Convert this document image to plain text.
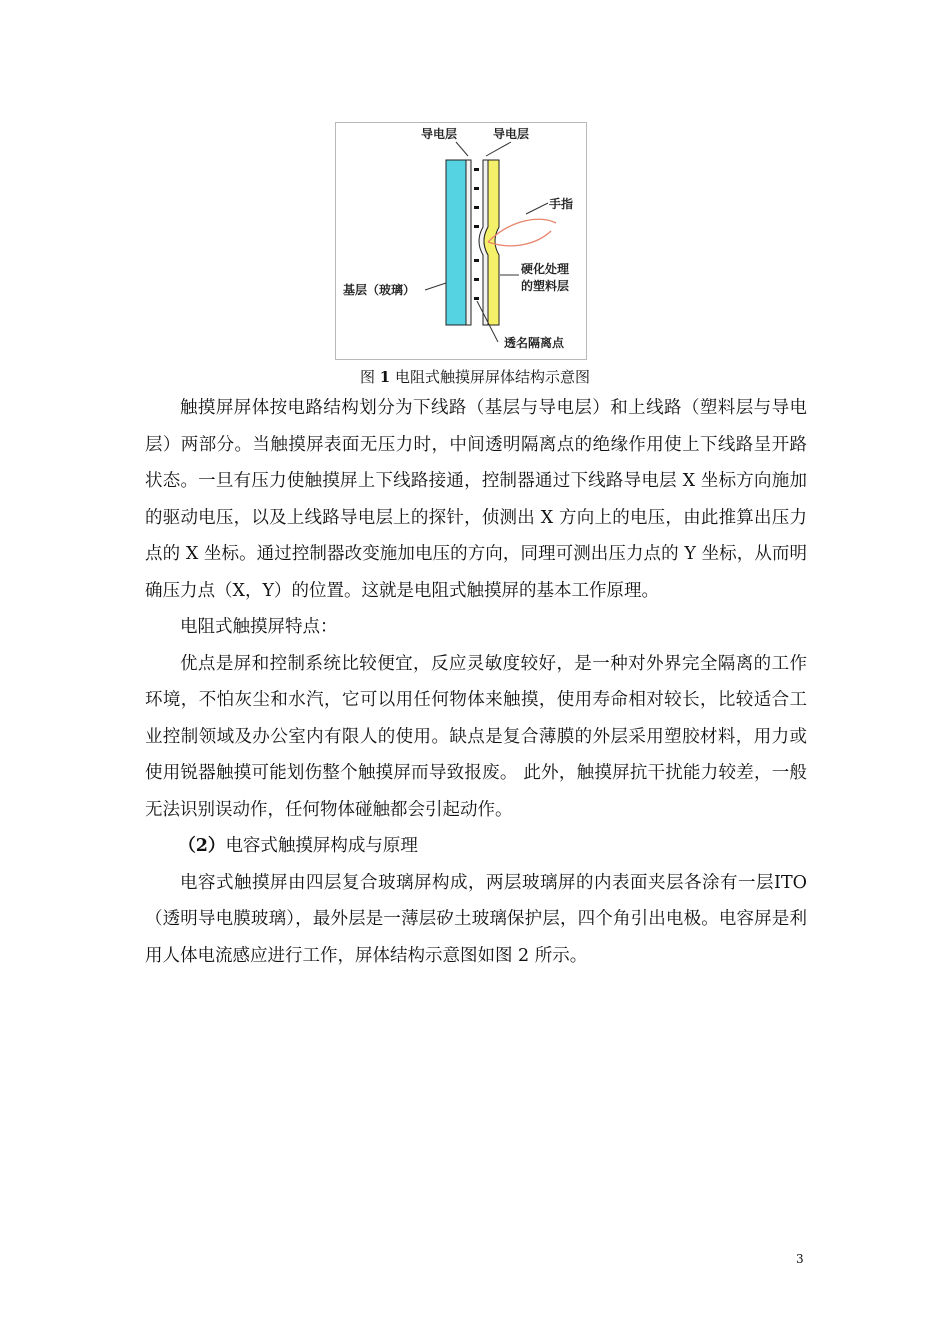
导电层	导电层
手指
硬化处理
的塑料层
基层（玻璃）
透名隔离点
图 1 电阻式触摸屏屏体结构示意图

触摸屏屏体按电路结构划分为下线路（基层与导电层）和上线路（塑料层与导电层）两部分。当触摸屏表面无压力时，中间透明隔离点的绝缘作用使上下线路呈开路状态。一旦有压力使触摸屏上下线路接通，控制器通过下线路导电层 X 坐标方向施加的驱动电压，以及上线路导电层上的探针，侦测出 X 方向上的电压，由此推算出压力点的 X 坐标。通过控制器改变施加电压的方向，同理可测出压力点的 Y 坐标，从而明确压力点（X，Y）的位置。这就是电阻式触摸屏的基本工作原理。

电阻式触摸屏特点：

优点是屏和控制系统比较便宜，反应灵敏度较好，是一种对外界完全隔离的工作环境，不怕灰尘和水汽，它可以用任何物体来触摸，使用寿命相对较长，比较适合工业控制领域及办公室内有限人的使用。缺点是复合薄膜的外层采用塑胶材料，用力或使用锐器触摸可能划伤整个触摸屏而导致报废。 此外，触摸屏抗干扰能力较差，一般无法识别误动作，任何物体碰触都会引起动作。

（2）电容式触摸屏构成与原理

电容式触摸屏由四层复合玻璃屏构成，两层玻璃屏的内表面夹层各涂有一层ITO（透明导电膜玻璃），最外层是一薄层矽土玻璃保护层，四个角引出电极。电容屏是利用人体电流感应进行工作，屏体结构示意图如图 2 所示。

3
